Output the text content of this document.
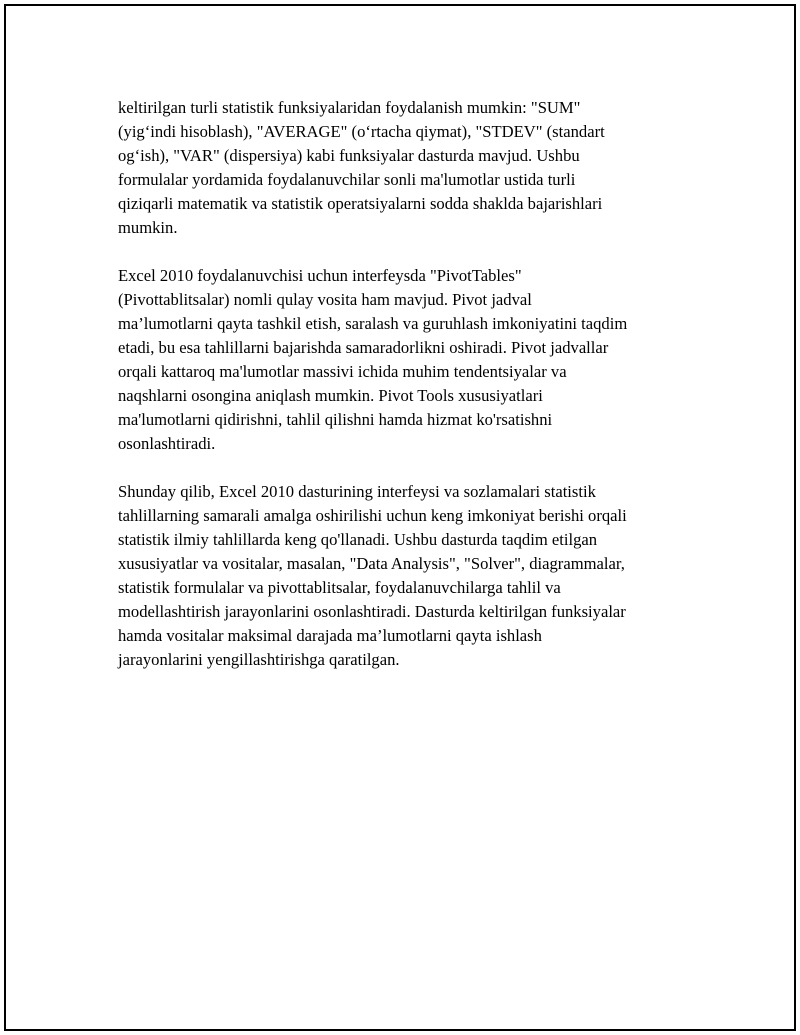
keltirilgan turli statistik funksiyalaridan foydalanish mumkin: "SUM"
(yig‘indi hisoblash), "AVERAGE" (o‘rtacha qiymat), "STDEV" (standart
og‘ish), "VAR" (dispersiya) kabi funksiyalar dasturda mavjud. Ushbu
formulalar yordamida foydalanuvchilar sonli ma'lumotlar ustida turli
qiziqarli matematik va statistik operatsiyalarni sodda shaklda bajarishlari
mumkin.

Excel 2010 foydalanuvchisi uchun interfeysda "PivotTables"
(Pivottablitsalar) nomli qulay vosita ham mavjud. Pivot jadval
ma’lumotlarni qayta tashkil etish, saralash va guruhlash imkoniyatini taqdim
etadi, bu esa tahlillarni bajarishda samaradorlikni oshiradi. Pivot jadvallar
orqali kattaroq ma'lumotlar massivi ichida muhim tendentsiyalar va
naqshlarni osongina aniqlash mumkin. Pivot Tools xususiyatlari
ma'lumotlarni qidirishni, tahlil qilishni hamda hizmat ko'rsatishni
osonlashtiradi.

Shunday qilib, Excel 2010 dasturining interfeysi va sozlamalari statistik
tahlillarning samarali amalga oshirilishi uchun keng imkoniyat berishi orqali
statistik ilmiy tahlillarda keng qo'llanadi. Ushbu dasturda taqdim etilgan
xususiyatlar va vositalar, masalan, "Data Analysis", "Solver", diagrammalar,
statistik formulalar va pivottablitsalar, foydalanuvchilarga tahlil va
modellashtirish jarayonlarini osonlashtiradi. Dasturda keltirilgan funksiyalar
hamda vositalar maksimal darajada ma’lumotlarni qayta ishlash
jarayonlarini yengillashtirishga qaratilgan.
